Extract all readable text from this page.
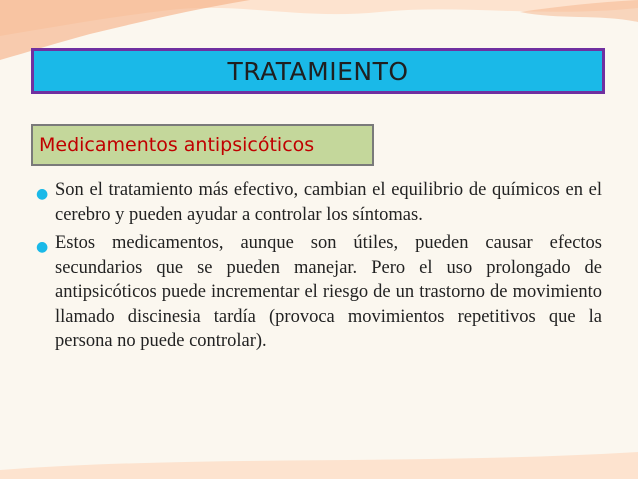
TRATAMIENTO
Medicamentos antipsicóticos
● Son el tratamiento más efectivo, cambian el equilibrio de químicos en el cerebro y pueden ayudar a controlar los síntomas.
● Estos medicamentos, aunque son útiles, pueden causar efectos secundarios que se pueden manejar. Pero el uso prolongado de antipsicóticos puede incrementar el riesgo de un trastorno de movimiento llamado discinesia tardía (provoca movimientos repetitivos que la persona no puede controlar).
